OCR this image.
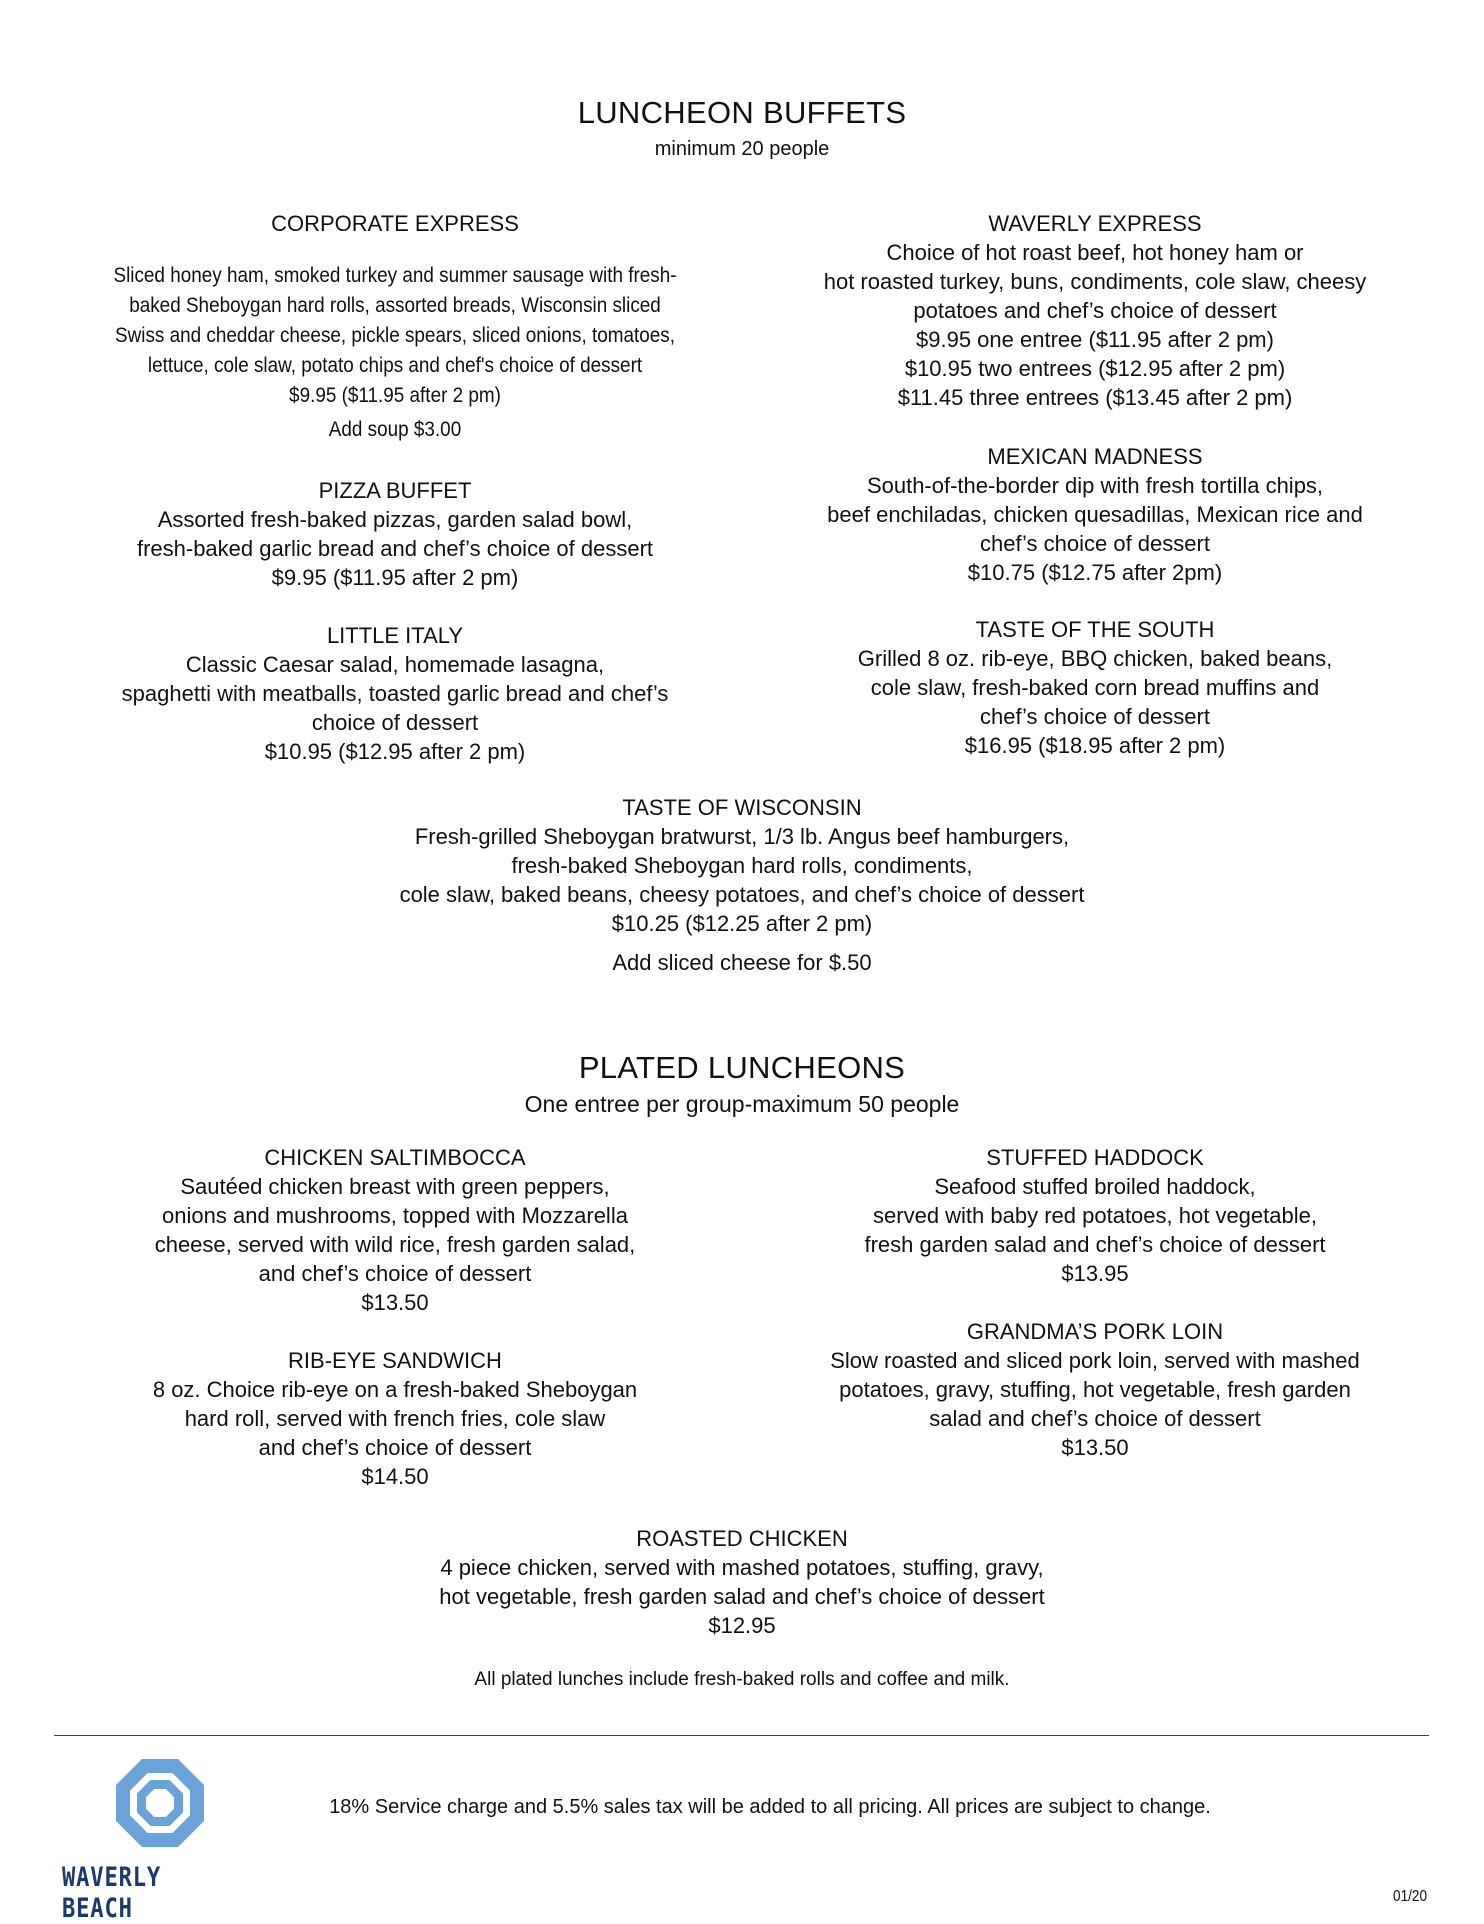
LUNCHEON BUFFETS
minimum 20 people
CORPORATE EXPRESS

Sliced honey ham, smoked turkey and summer sausage with fresh-

baked Sheboygan hard rolls, assorted breads, Wisconsin sliced

Swiss and cheddar cheese, pickle spears, sliced onions, tomatoes,

lettuce, cole slaw, potato chips and chef's choice of dessert

$9.95 ($11.95 after 2 pm)

Add soup $3.00

WAVERLY EXPRESS

Choice of hot roast beef, hot honey ham or

hot roasted turkey, buns, condiments, cole slaw, cheesy

potatoes and chef’s choice of dessert

$9.95 one entree ($11.95 after 2 pm)

$10.95 two entrees ($12.95 after 2 pm)

$11.45 three entrees ($13.45 after 2 pm)

PIZZA BUFFET

Assorted fresh-baked pizzas, garden salad bowl,

fresh-baked garlic bread and chef’s choice of dessert

$9.95 ($11.95 after 2 pm)

MEXICAN MADNESS

South-of-the-border dip with fresh tortilla chips,

beef enchiladas, chicken quesadillas, Mexican rice and

chef’s choice of dessert

$10.75 ($12.75 after 2pm)

LITTLE ITALY

Classic Caesar salad, homemade lasagna,

spaghetti with meatballs, toasted garlic bread and chef’s

choice of dessert

$10.95 ($12.95 after 2 pm)

TASTE OF THE SOUTH

Grilled 8 oz. rib-eye, BBQ chicken, baked beans,

cole slaw, fresh-baked corn bread muffins and

chef’s choice of dessert

$16.95 ($18.95 after 2 pm)

TASTE OF WISCONSIN

Fresh-grilled Sheboygan bratwurst, 1/3 lb. Angus beef hamburgers,

fresh-baked Sheboygan hard rolls, condiments,

cole slaw, baked beans, cheesy potatoes, and chef’s choice of dessert

$10.25 ($12.25 after 2 pm)

Add sliced cheese for $.50
PLATED LUNCHEONS
One entree per group-maximum 50 people
CHICKEN SALTIMBOCCA

Sautéed chicken breast with green peppers,

onions and mushrooms, topped with Mozzarella

cheese, served with wild rice, fresh garden salad,

and chef’s choice of dessert

$13.50

STUFFED HADDOCK

Seafood stuffed broiled haddock,

served with baby red potatoes, hot vegetable,

fresh garden salad and chef’s choice of dessert

$13.95

RIB-EYE SANDWICH

8 oz. Choice rib-eye on a fresh-baked Sheboygan

hard roll, served with french fries, cole slaw

and chef’s choice of dessert

$14.50

GRANDMA’S PORK LOIN

Slow roasted and sliced pork loin, served with mashed

potatoes, gravy, stuffing, hot vegetable, fresh garden

salad and chef’s choice of dessert

$13.50

ROASTED CHICKEN

4 piece chicken, served with mashed potatoes, stuffing, gravy,

hot vegetable, fresh garden salad and chef’s choice of dessert

$12.95

All plated lunches include fresh-baked rolls and coffee and milk.
WAVERLY BEACH
18% Service charge and 5.5% sales tax will be added to all pricing. All prices are subject to change.
01/20
